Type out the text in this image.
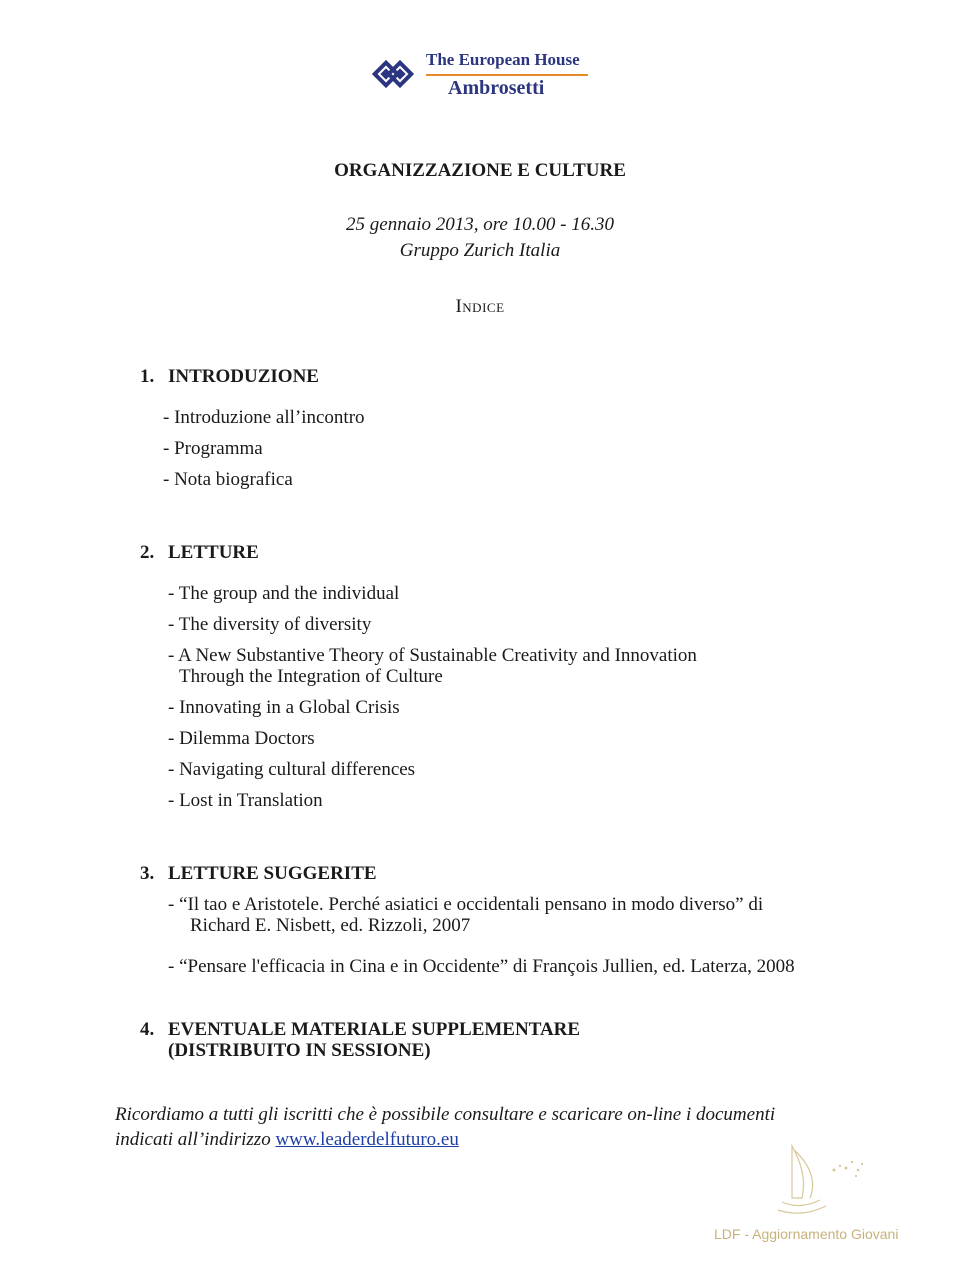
The European House
Ambrosetti
ORGANIZZAZIONE E CULTURE
25 gennaio 2013, ore 10.00 - 16.30
Gruppo Zurich Italia
Indice
1. INTRODUZIONE
- Introduzione all’incontro
- Programma
- Nota biografica
2. LETTURE
- The group and the individual
- The diversity of diversity
- A New Substantive Theory of Sustainable Creativity and Innovation
Through the Integration of Culture
- Innovating in a Global Crisis
- Dilemma Doctors
- Navigating cultural differences
- Lost in Translation
3. LETTURE SUGGERITE
- “Il tao e Aristotele. Perché asiatici e occidentali pensano in modo diverso” di
Richard E. Nisbett, ed. Rizzoli, 2007
- “Pensare l'efficacia in Cina e in Occidente” di François Jullien, ed. Laterza, 2008
4. EVENTUALE MATERIALE SUPPLEMENTARE
(DISTRIBUITO IN SESSIONE)
Ricordiamo a tutti gli iscritti che è possibile consultare e scaricare on-line i documenti
indicati all’indirizzo www.leaderdelfuturo.eu
LDF - Aggiornamento Giovani
